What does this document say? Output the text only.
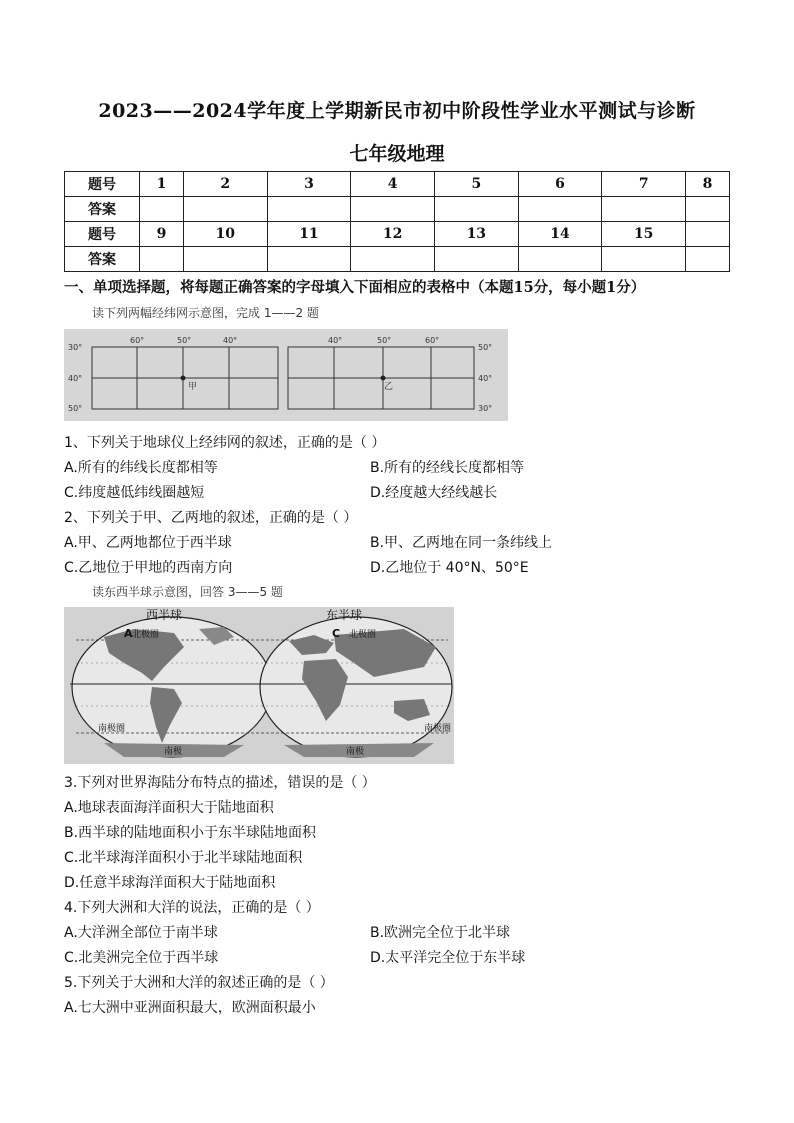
2023——2024学年度上学期新民市初中阶段性学业水平测试与诊断
七年级地理
题号	1	2	3	4	5	6	7	8
答案								
题号	9	10	11	12	13	14	15	
答案								
一、单项选择题，将每题正确答案的字母填入下面相应的表格中（本题15分，每小题1分）
读下列两幅经纬网示意图，完成 1——2 题
60°	50°	40°
30°
40°
50°
甲
40°	50°	60°
50°
40°
30°
乙
1、下列关于地球仪上经纬网的叙述，正确的是（ ）
A.所有的纬线长度都相等	B.所有的经线长度都相等
C.纬度越低纬线圈越短	D.经度越大经线越长
2、下列关于甲、乙两地的叙述，正确的是（ ）
A.甲、乙两地都位于西半球	B.甲、乙两地在同一条纬线上
C.乙地位于甲地的西南方向	D.乙地位于 40°N、50°E
读东西半球示意图，回答 3——5 题
西半球	东半球
北极圈	北极圈
南极圈	南极圈
南极	南极
A	C
3.下列对世界海陆分布特点的描述，错误的是（ ）
A.地球表面海洋面积大于陆地面积
B.西半球的陆地面积小于东半球陆地面积
C.北半球海洋面积小于北半球陆地面积
D.任意半球海洋面积大于陆地面积
4.下列大洲和大洋的说法，正确的是（ ）
A.大洋洲全部位于南半球	B.欧洲完全位于北半球
C.北美洲完全位于西半球	D.太平洋完全位于东半球
5.下列关于大洲和大洋的叙述正确的是（ ）
A.七大洲中亚洲面积最大，欧洲面积最小
